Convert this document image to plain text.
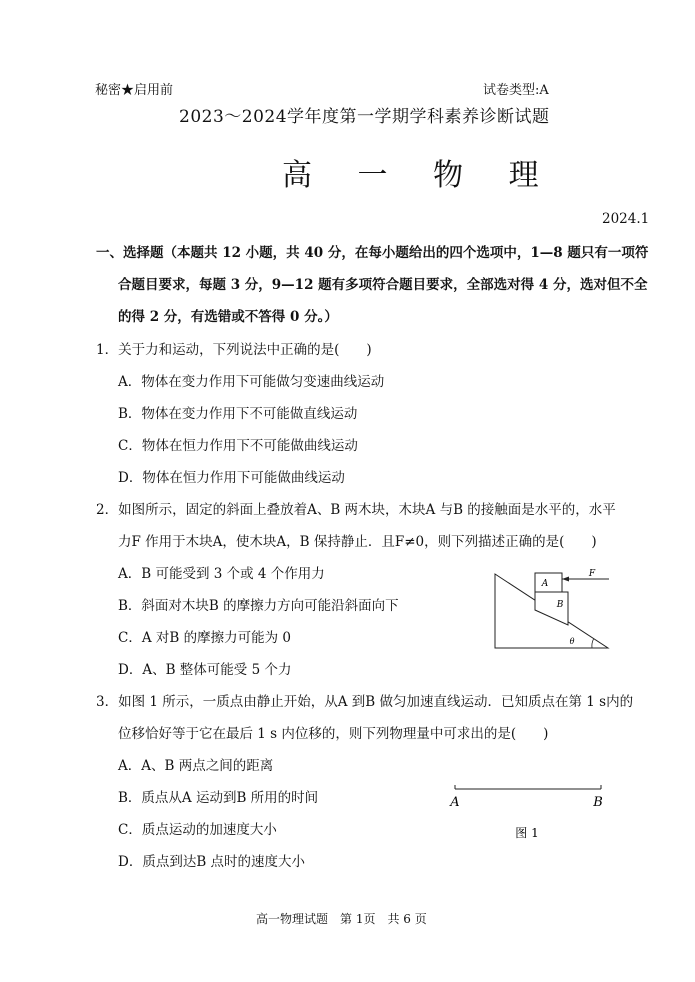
秘密★启用前	试卷类型:A
2023～2024学年度第一学期学科素养诊断试题
高 一 物 理
2024.1
一、选择题（本题共 12 小题，共 40 分，在每小题给出的四个选项中，1—8 题只有一项符
合题目要求，每题 3 分，9—12 题有多项符合题目要求，全部选对得 4 分，选对但不全
的得 2 分，有选错或不答得 0 分。）
1．关于力和运动，下列说法中正确的是(　　)
A．物体在变力作用下可能做匀变速曲线运动
B．物体在变力作用下不可能做直线运动
C．物体在恒力作用下不可能做曲线运动
D．物体在恒力作用下可能做曲线运动
2．如图所示，固定的斜面上叠放着A、B 两木块，木块A 与B 的接触面是水平的，水平
力F 作用于木块A，使木块A，B 保持静止．且F≠0，则下列描述正确的是(　　)
A．B 可能受到 3 个或 4 个作用力
B．斜面对木块B 的摩擦力方向可能沿斜面向下
C．A 对B 的摩擦力可能为 0
D．A、B 整体可能受 5 个力
A
B
F
θ
3．如图 1 所示，一质点由静止开始，从A 到B 做匀加速直线运动．已知质点在第 1 s内的
位移恰好等于它在最后 1 s 内位移的，则下列物理量中可求出的是(　　)
A．A、B 两点之间的距离
B．质点从A 运动到B 所用的时间
C．质点运动的加速度大小
D．质点到达B 点时的速度大小
A	B
图 1
高一物理试题　第 1页　共 6 页
